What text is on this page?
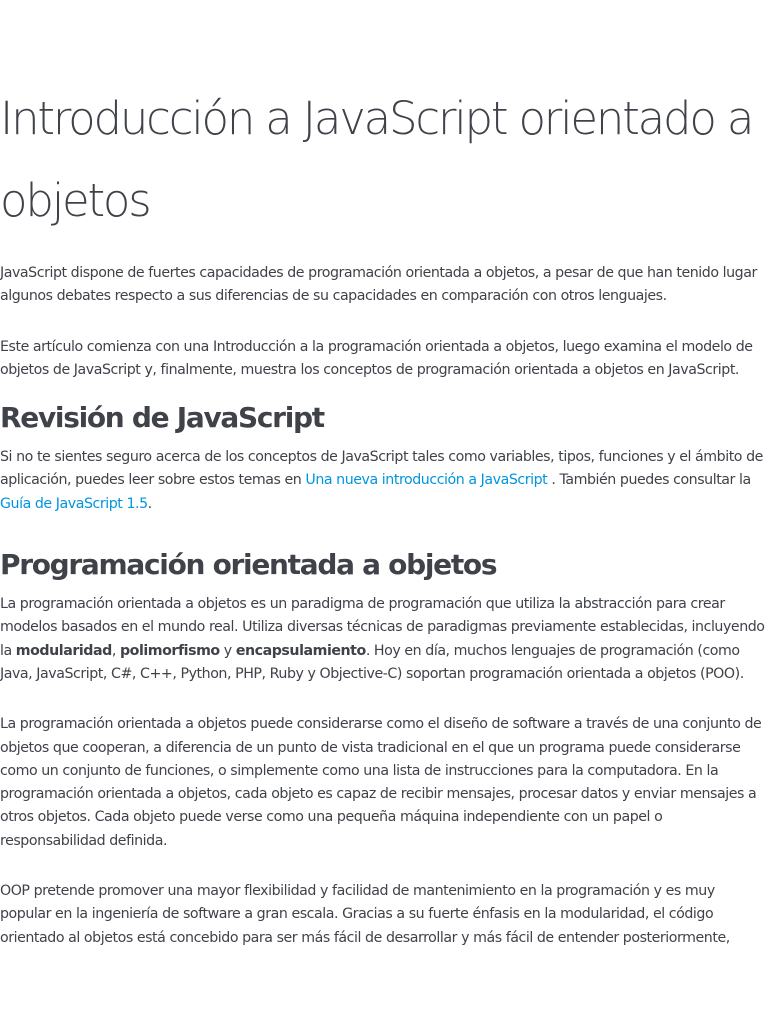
Introducción a JavaScript orientado a
objetos

JavaScript dispone de fuertes capacidades de programación orientada a objetos, a pesar de que han tenido lugar algunos debates respecto a sus diferencias de su capacidades en comparación con otros lenguajes.

Este artículo comienza con una Introducción a la programación orientada a objetos, luego examina el modelo de objetos de JavaScript y, finalmente, muestra los conceptos de programación orientada a objetos en JavaScript.

Revisión de JavaScript

Si no te sientes seguro acerca de los conceptos de JavaScript tales como variables, tipos, funciones y el ámbito de aplicación, puedes leer sobre estos temas en Una nueva introducción a JavaScript . También puedes consultar la Guía de JavaScript 1.5.

Programación orientada a objetos

La programación orientada a objetos es un paradigma de programación que utiliza la abstracción para crear modelos basados en el mundo real. Utiliza diversas técnicas de paradigmas previamente establecidas, incluyendo la modularidad, polimorfismo y encapsulamiento. Hoy en día, muchos lenguajes de programación (como Java, JavaScript, C#, C++, Python, PHP, Ruby y Objective-C) soportan programación orientada a objetos (POO).

La programación orientada a objetos puede considerarse como el diseño de software a través de una conjunto de objetos que cooperan, a diferencia de un punto de vista tradicional en el que un programa puede considerarse como un conjunto de funciones, o simplemente como una lista de instrucciones para la computadora. En la programación orientada a objetos, cada objeto es capaz de recibir mensajes, procesar datos y enviar mensajes a otros objetos. Cada objeto puede verse como una pequeña máquina independiente con un papel o responsabilidad definida.

OOP pretende promover una mayor flexibilidad y facilidad de mantenimiento en la programación y es muy popular en la ingeniería de software a gran escala. Gracias a su fuerte énfasis en la modularidad, el código orientado al objetos está concebido para ser más fácil de desarrollar y más fácil de entender posteriormente,
